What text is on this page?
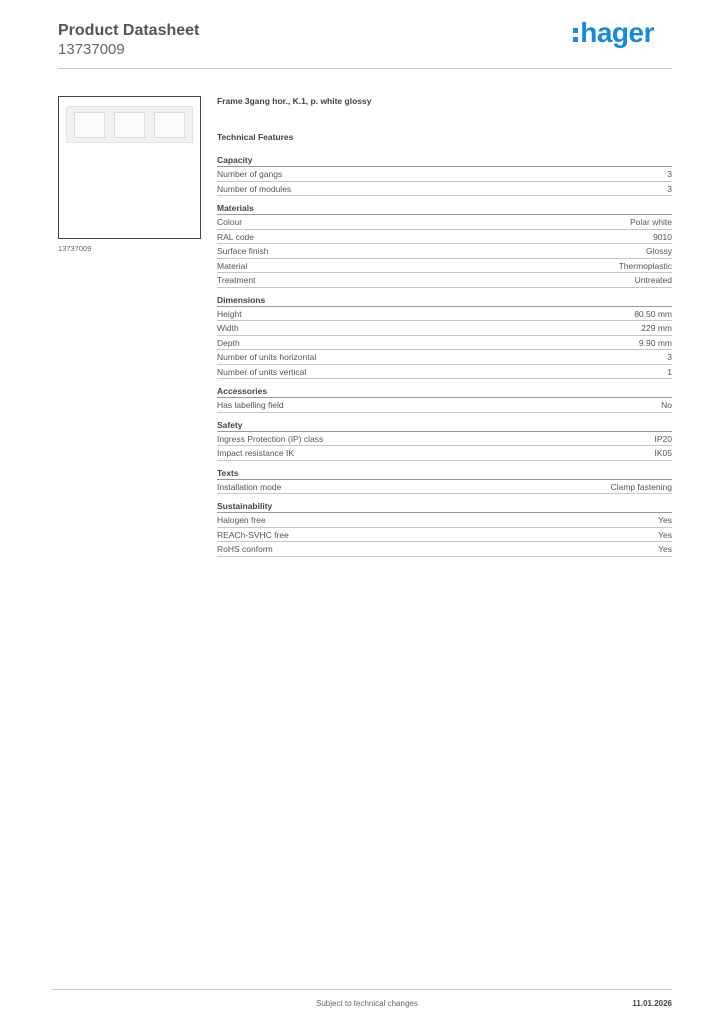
Product Datasheet
13737009
hager
13737009
Frame 3gang hor., K.1, p. white glossy
Technical Features
Capacity
Number of gangs	3
Number of modules	3
Materials
Colour	Polar white
RAL code	9010
Surface finish	Glossy
Material	Thermoplastic
Treatment	Untreated
Dimensions
Height	80.50 mm
Width	229 mm
Depth	9.90 mm
Number of units horizontal	3
Number of units vertical	1
Accessories
Has labelling field	No
Safety
Ingress Protection (IP) class	IP20
Impact resistance IK	IK05
Texts
Installation mode	Clamp fastening
Sustainability
Halogen free	Yes
REACh-SVHC free	Yes
RoHS conform	Yes
Subject to technical changes	11.01.2026
